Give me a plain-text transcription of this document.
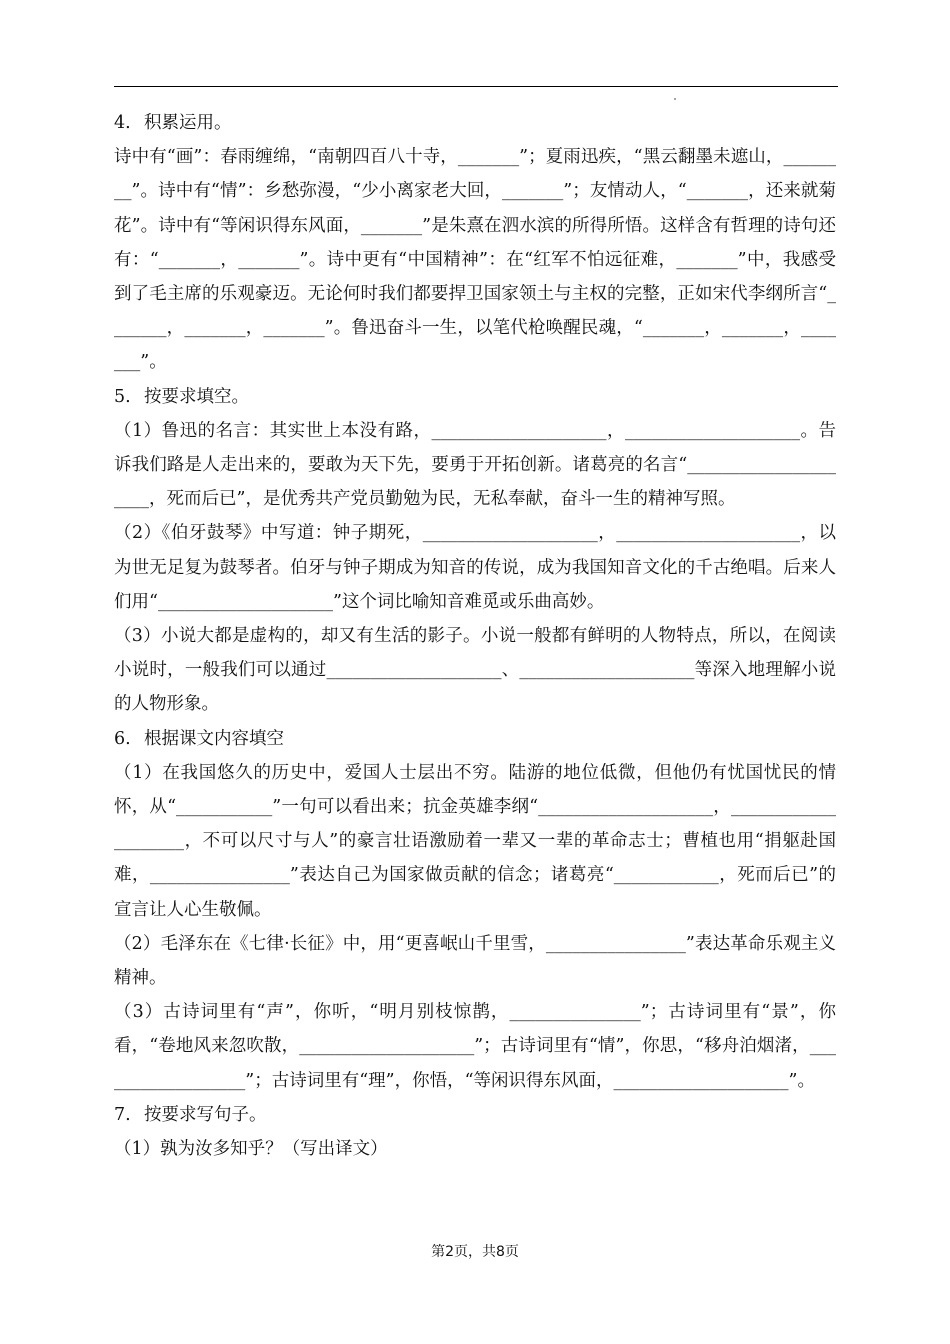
4. 积累运用。

诗中有“画”：春雨缠绵，“南朝四百八十寺，_______”；夏雨迅疾，“黑云翻墨未遮山，________”。诗中有“情”：乡愁弥漫，“少小离家老大回，_______”；友情动人，“_______，还来就菊花”。诗中有“等闲识得东风面，_______”是朱熹在泗水滨的所得所悟。这样含有哲理的诗句还有：“_______，_______”。诗中更有“中国精神”：在“红军不怕远征难，_______”中，我感受到了毛主席的乐观豪迈。无论何时我们都要捍卫国家领土与主权的完整，正如宋代李纲所言“_______，_______，_______”。鲁迅奋斗一生，以笔代枪唤醒民魂，“_______，_______，_______”。

5. 按要求填空。

（1）鲁迅的名言：其实世上本没有路，____________________，____________________。告诉我们路是人走出来的，要敢为天下先，要勇于开拓创新。诸葛亮的名言“_____________________，死而后已”，是优秀共产党员勤勉为民，无私奉献，奋斗一生的精神写照。

（2）《伯牙鼓琴》中写道：钟子期死，____________________，_____________________，以为世无足复为鼓琴者。伯牙与钟子期成为知音的传说，成为我国知音文化的千古绝唱。后来人们用“____________________”这个词比喻知音难觅或乐曲高妙。

（3）小说大都是虚构的，却又有生活的影子。小说一般都有鲜明的人物特点，所以，在阅读小说时，一般我们可以通过____________________、____________________等深入地理解小说的人物形象。

6. 根据课文内容填空

（1）在我国悠久的历史中，爱国人士层出不穷。陆游的地位低微，但他仍有忧国忧民的情怀，从“___________”一句可以看出来；抗金英雄李纲“____________________，____________________，不可以尺寸与人”的豪言壮语激励着一辈又一辈的革命志士；曹植也用“捐躯赴国难，________________”表达自己为国家做贡献的信念；诸葛亮“____________，死而后已”的宣言让人心生敬佩。

（2）毛泽东在《七律·长征》中，用“更喜岷山千里雪，________________”表达革命乐观主义精神。

（3）古诗词里有“声”，你听，“明月别枝惊鹊，_______________”；古诗词里有“景”，你看，“卷地风来忽吹散，____________________”；古诗词里有“情”，你思，“移舟泊烟渚，__________________”；古诗词里有“理”，你悟，“等闲识得东风面，____________________”。

7. 按要求写句子。

（1）孰为汝多知乎？（写出译文）

第2页，共8页
